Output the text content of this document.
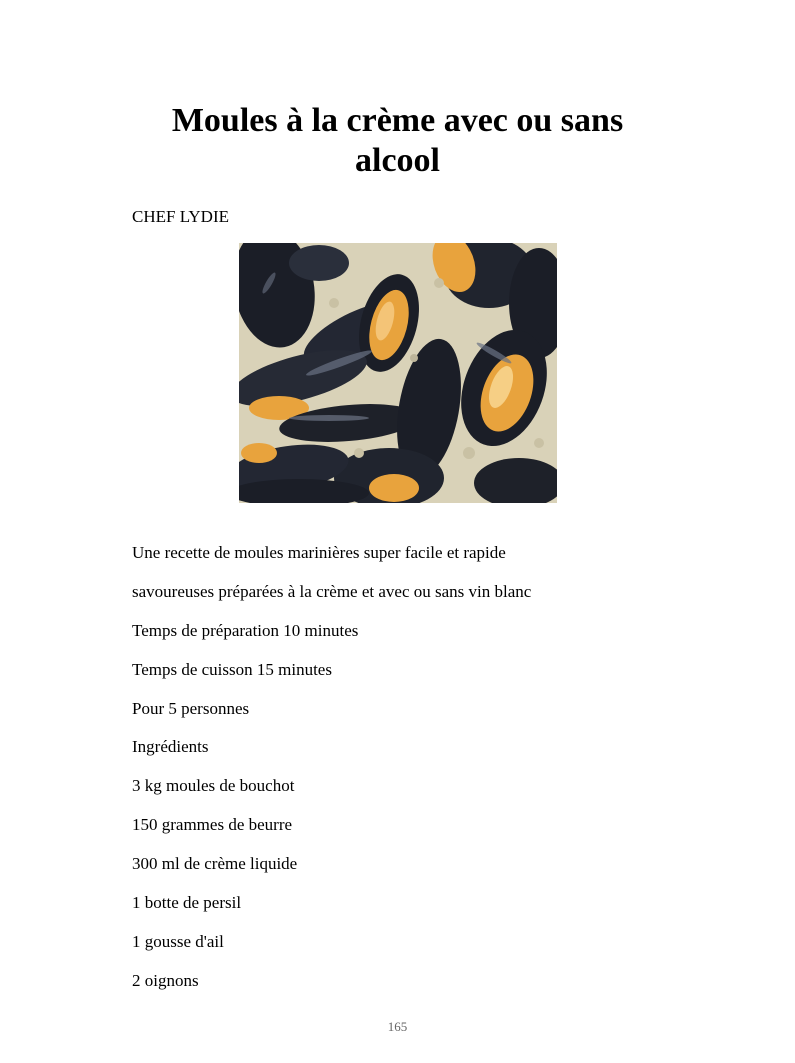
Moules à la crème avec ou sans alcool

CHEF LYDIE

Une recette de moules marinières super facile et rapide
savoureuses préparées à la crème et avec ou sans vin blanc
Temps de préparation 10 minutes
Temps de cuisson 15 minutes
Pour 5 personnes
Ingrédients
3 kg moules de bouchot
150 grammes de beurre
300 ml de crème liquide
1 botte de persil
1 gousse d'ail
2 oignons
165
